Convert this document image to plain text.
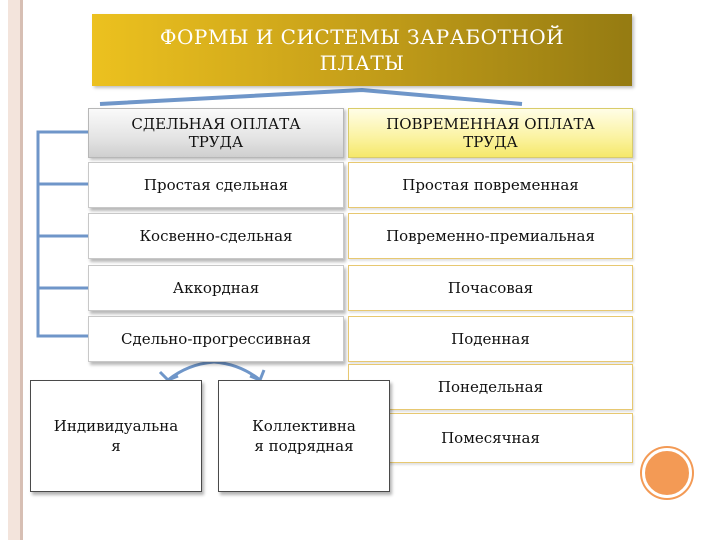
ФОРМЫ И СИСТЕМЫ ЗАРАБОТНОЙ
ПЛАТЫ
СДЕЛЬНАЯ ОПЛАТА
ТРУДА
ПОВРЕМЕННАЯ ОПЛАТА
ТРУДА
Простая сдельная
Косвенно-сдельная
Аккордная
Сдельно-прогрессивная
Простая повременная
Повременно-премиальная
Почасовая
Поденная
Понедельная
Помесячная
Индивидуальна
я
Коллективна
я подрядная
